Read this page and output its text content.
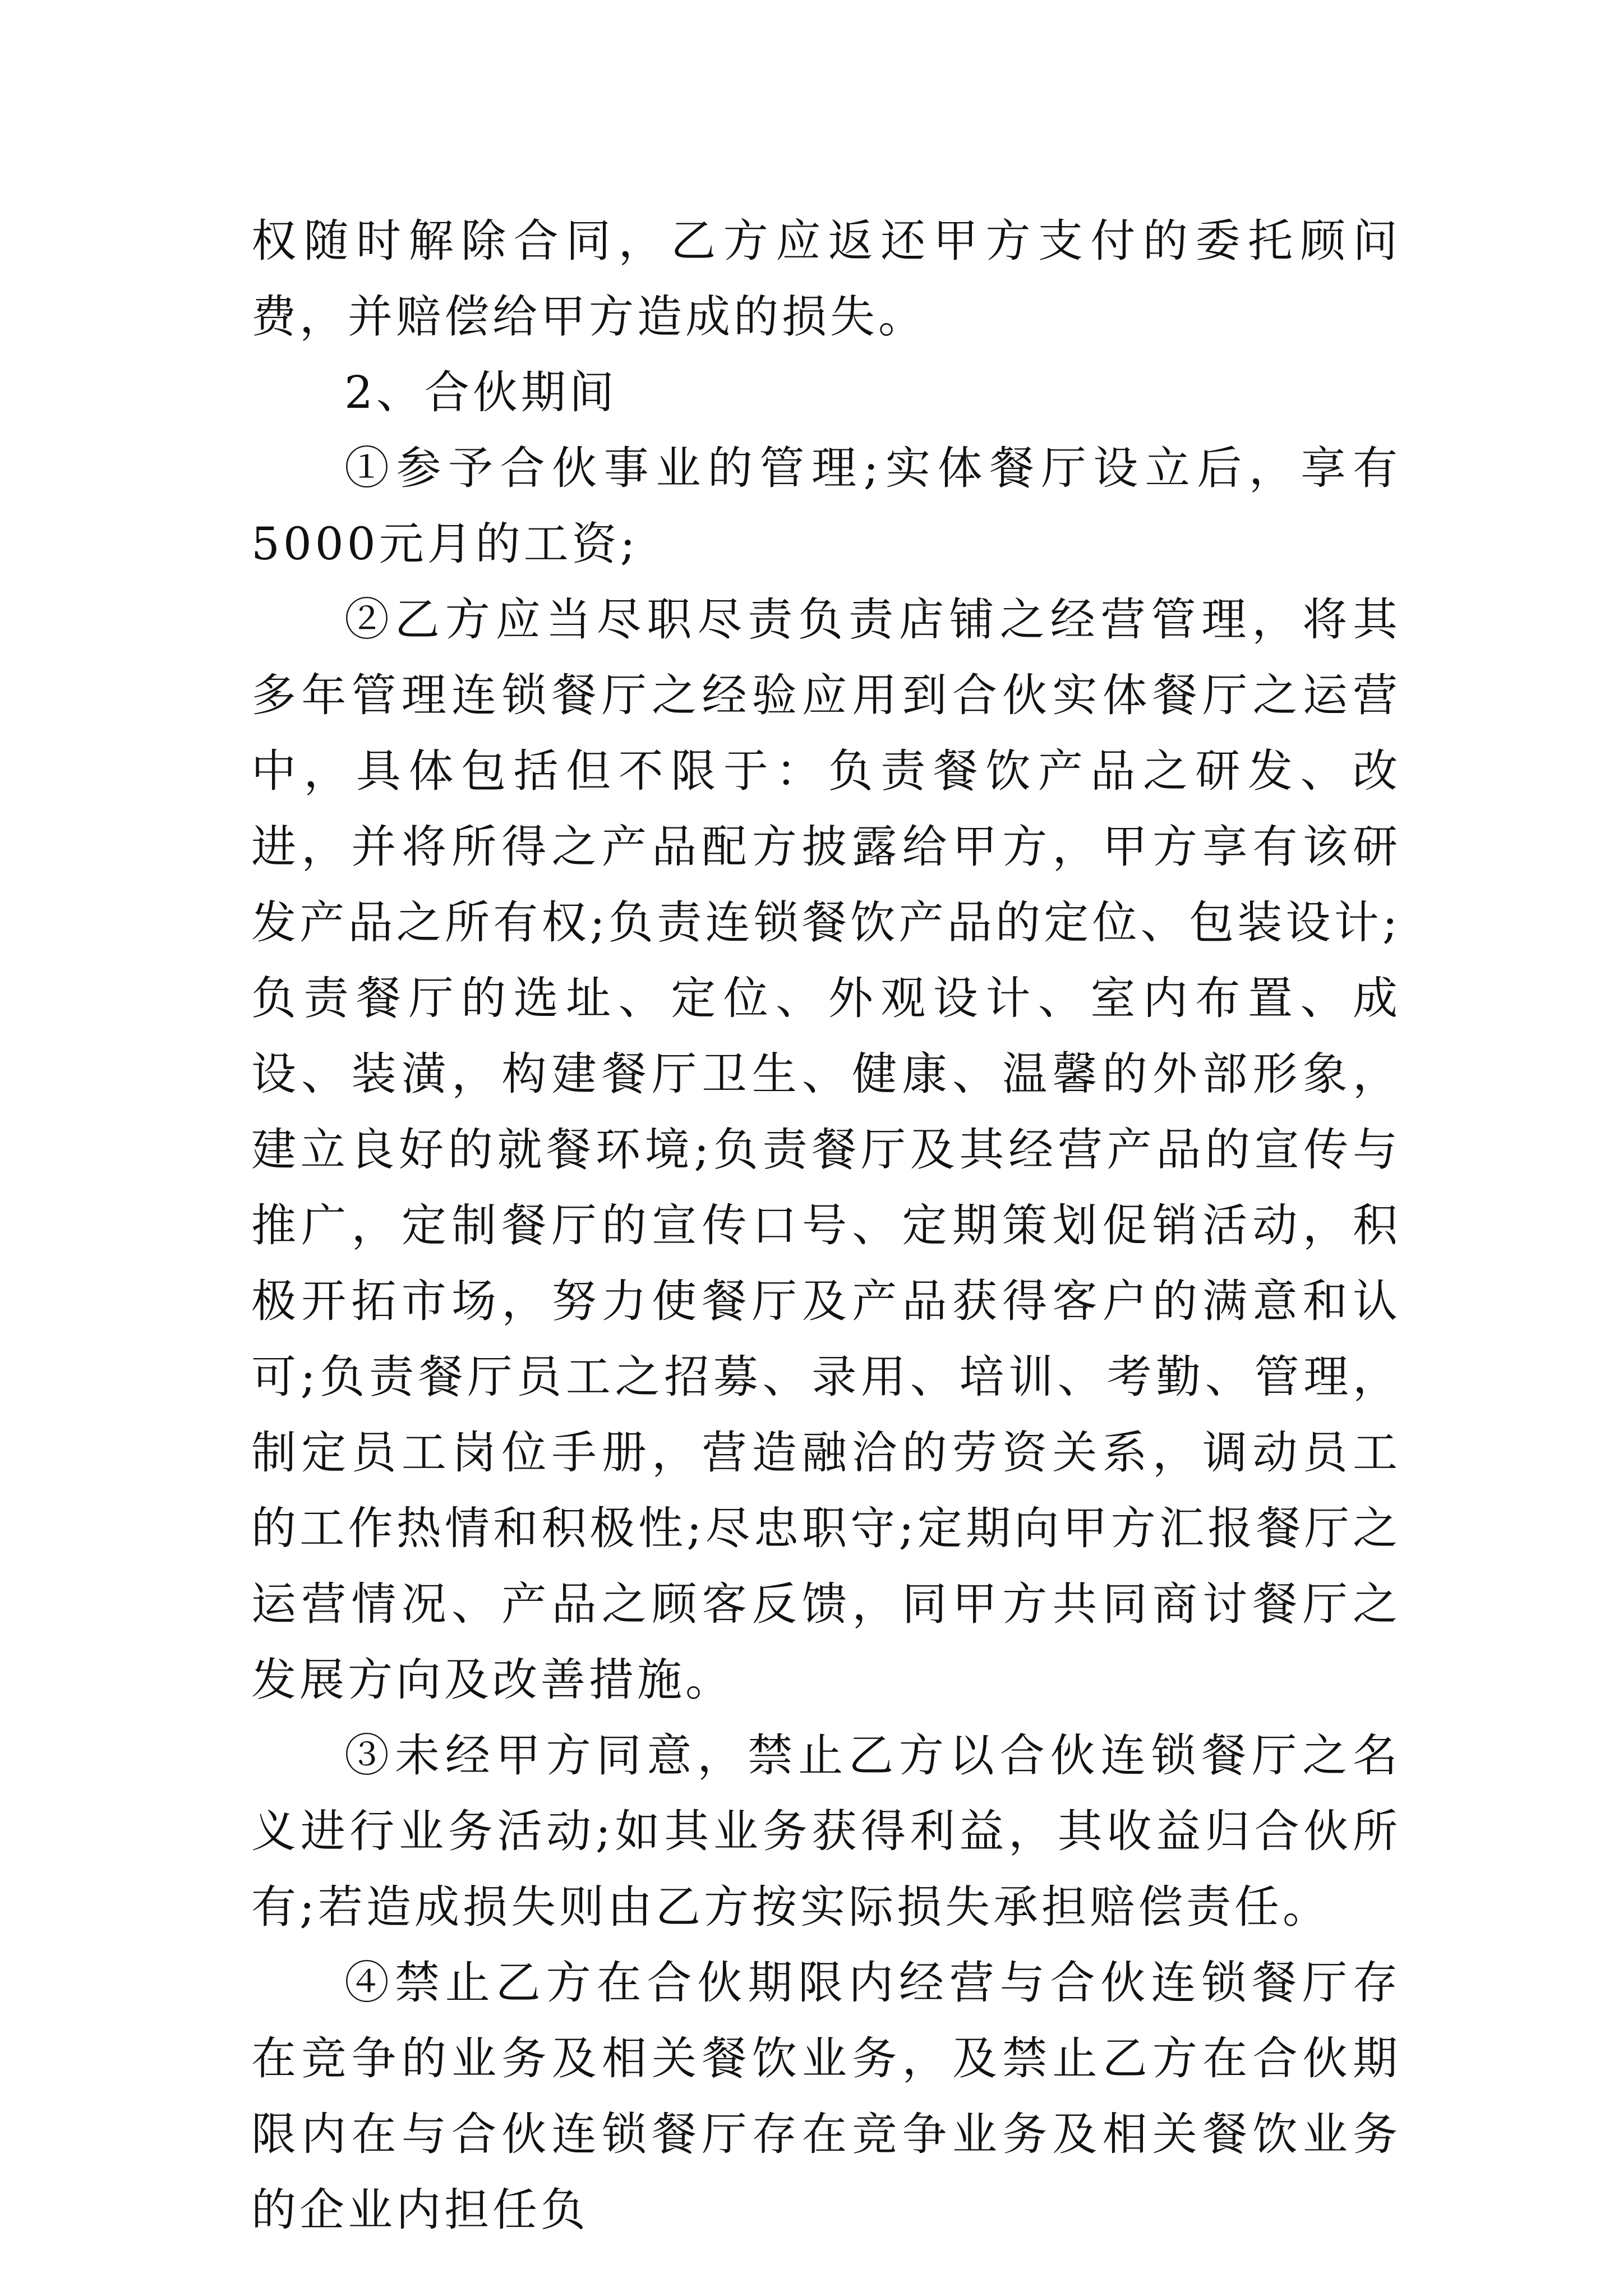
权随时解除合同，乙方应返还甲方支付的委托顾问费，并赔偿给甲方造成的损失。

2、合伙期间

①参予合伙事业的管理;实体餐厅设立后，享有5000元月的工资;

②乙方应当尽职尽责负责店铺之经营管理，将其多年管理连锁餐厅之经验应用到合伙实体餐厅之运营中，具体包括但不限于：负责餐饮产品之研发、改进，并将所得之产品配方披露给甲方，甲方享有该研发产品之所有权;负责连锁餐饮产品的定位、包装设计;负责餐厅的选址、定位、外观设计、室内布置、成设、装潢，构建餐厅卫生、健康、温馨的外部形象，建立良好的就餐环境;负责餐厅及其经营产品的宣传与推广，定制餐厅的宣传口号、定期策划促销活动，积极开拓市场，努力使餐厅及产品获得客户的满意和认可;负责餐厅员工之招募、录用、培训、考勤、管理，制定员工岗位手册，营造融洽的劳资关系，调动员工的工作热情和积极性;尽忠职守;定期向甲方汇报餐厅之运营情况、产品之顾客反馈，同甲方共同商讨餐厅之发展方向及改善措施。

③未经甲方同意，禁止乙方以合伙连锁餐厅之名义进行业务活动;如其业务获得利益，其收益归合伙所有;若造成损失则由乙方按实际损失承担赔偿责任。

④禁止乙方在合伙期限内经营与合伙连锁餐厅存在竞争的业务及相关餐饮业务，及禁止乙方在合伙期限内在与合伙连锁餐厅存在竞争业务及相关餐饮业务的企业内担任负
